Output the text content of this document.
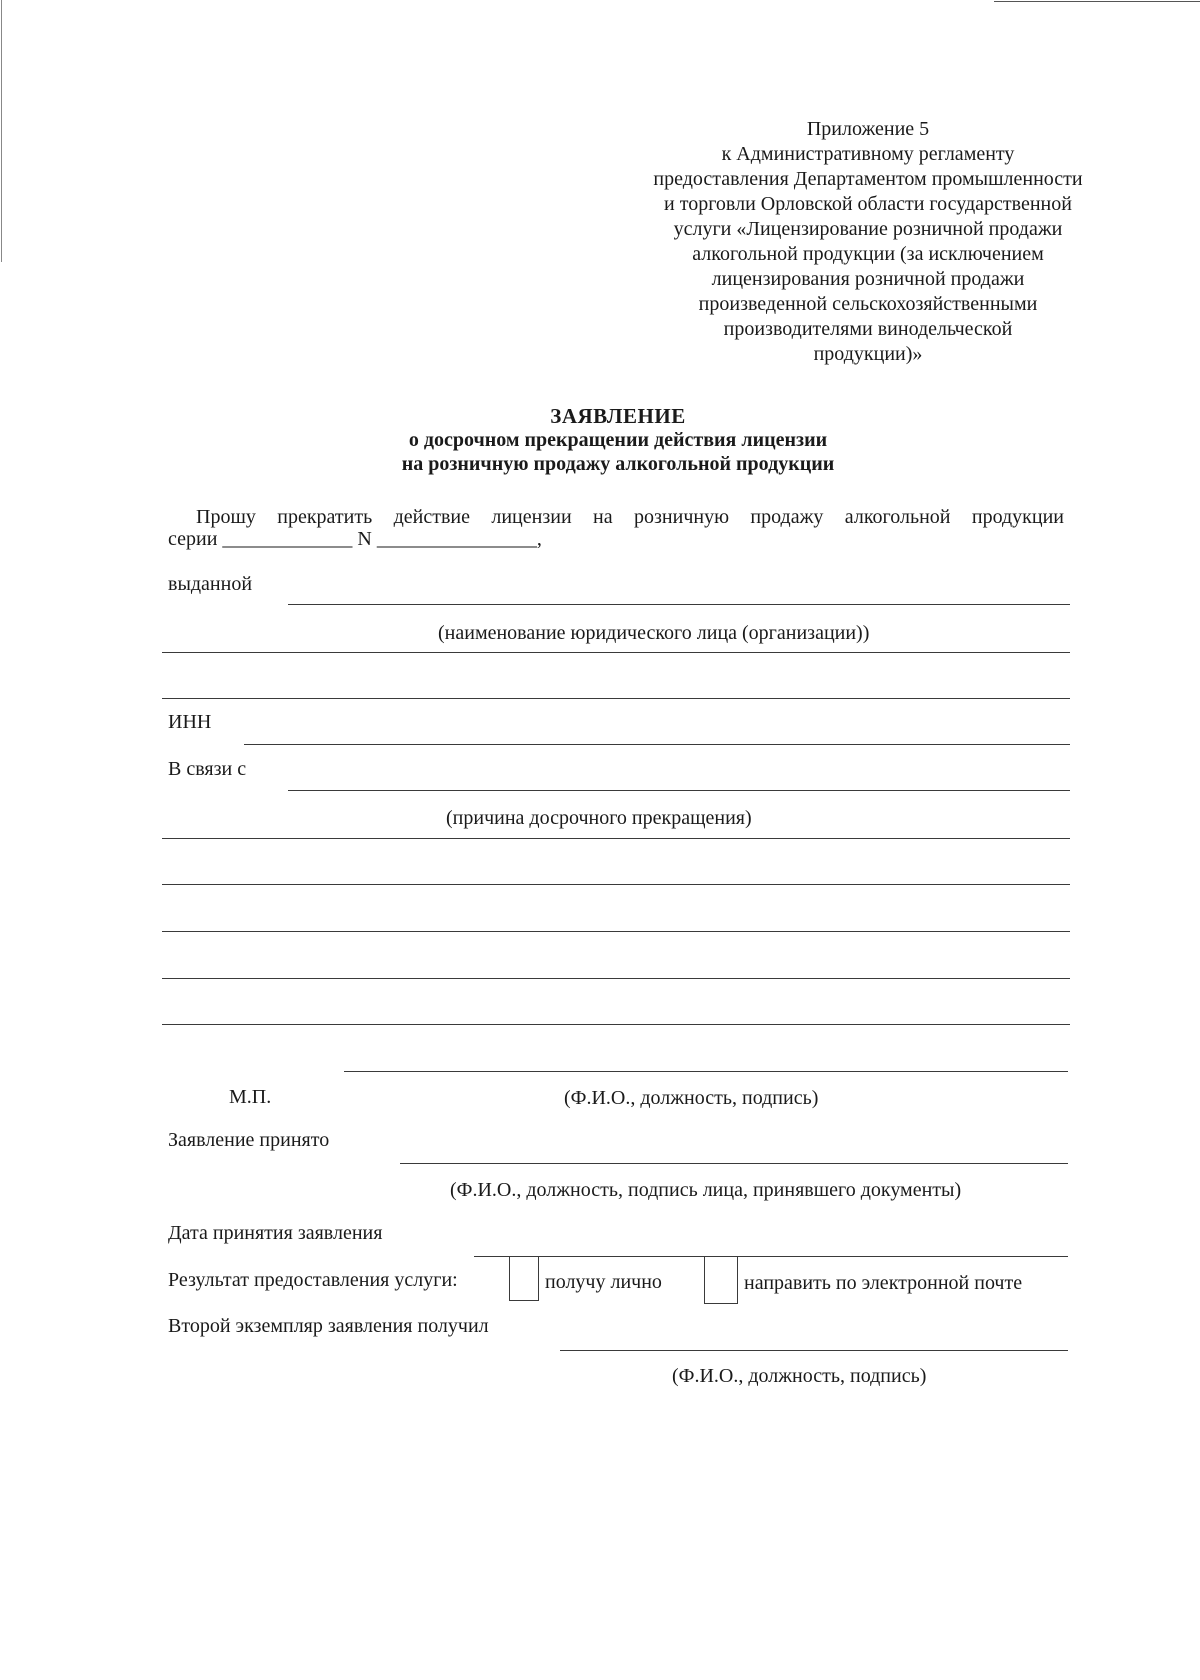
Приложение 5
к Административному регламенту
предоставления Департаментом промышленности
и торговли Орловской области государственной
услуги «Лицензирование розничной продажи
алкогольной продукции (за исключением
лицензирования розничной продажи
произведенной сельскохозяйственными
производителями винодельческой
продукции)»
ЗАЯВЛЕНИЕ
о досрочном прекращении действия лицензии
на розничную продажу алкогольной продукции
Прошу прекратить действие лицензии на розничную продажу алкогольной продукции
серии _____________ N ________________,
выданной
(наименование юридического лица (организации))
ИНН
В связи с
(причина досрочного прекращения)
М.П.	(Ф.И.О., должность, подпись)
Заявление принято
(Ф.И.О., должность, подпись лица, принявшего документы)
Дата принятия заявления
Результат предоставления услуги:	получу лично	направить по электронной почте
Второй экземпляр заявления получил
(Ф.И.О., должность, подпись)
